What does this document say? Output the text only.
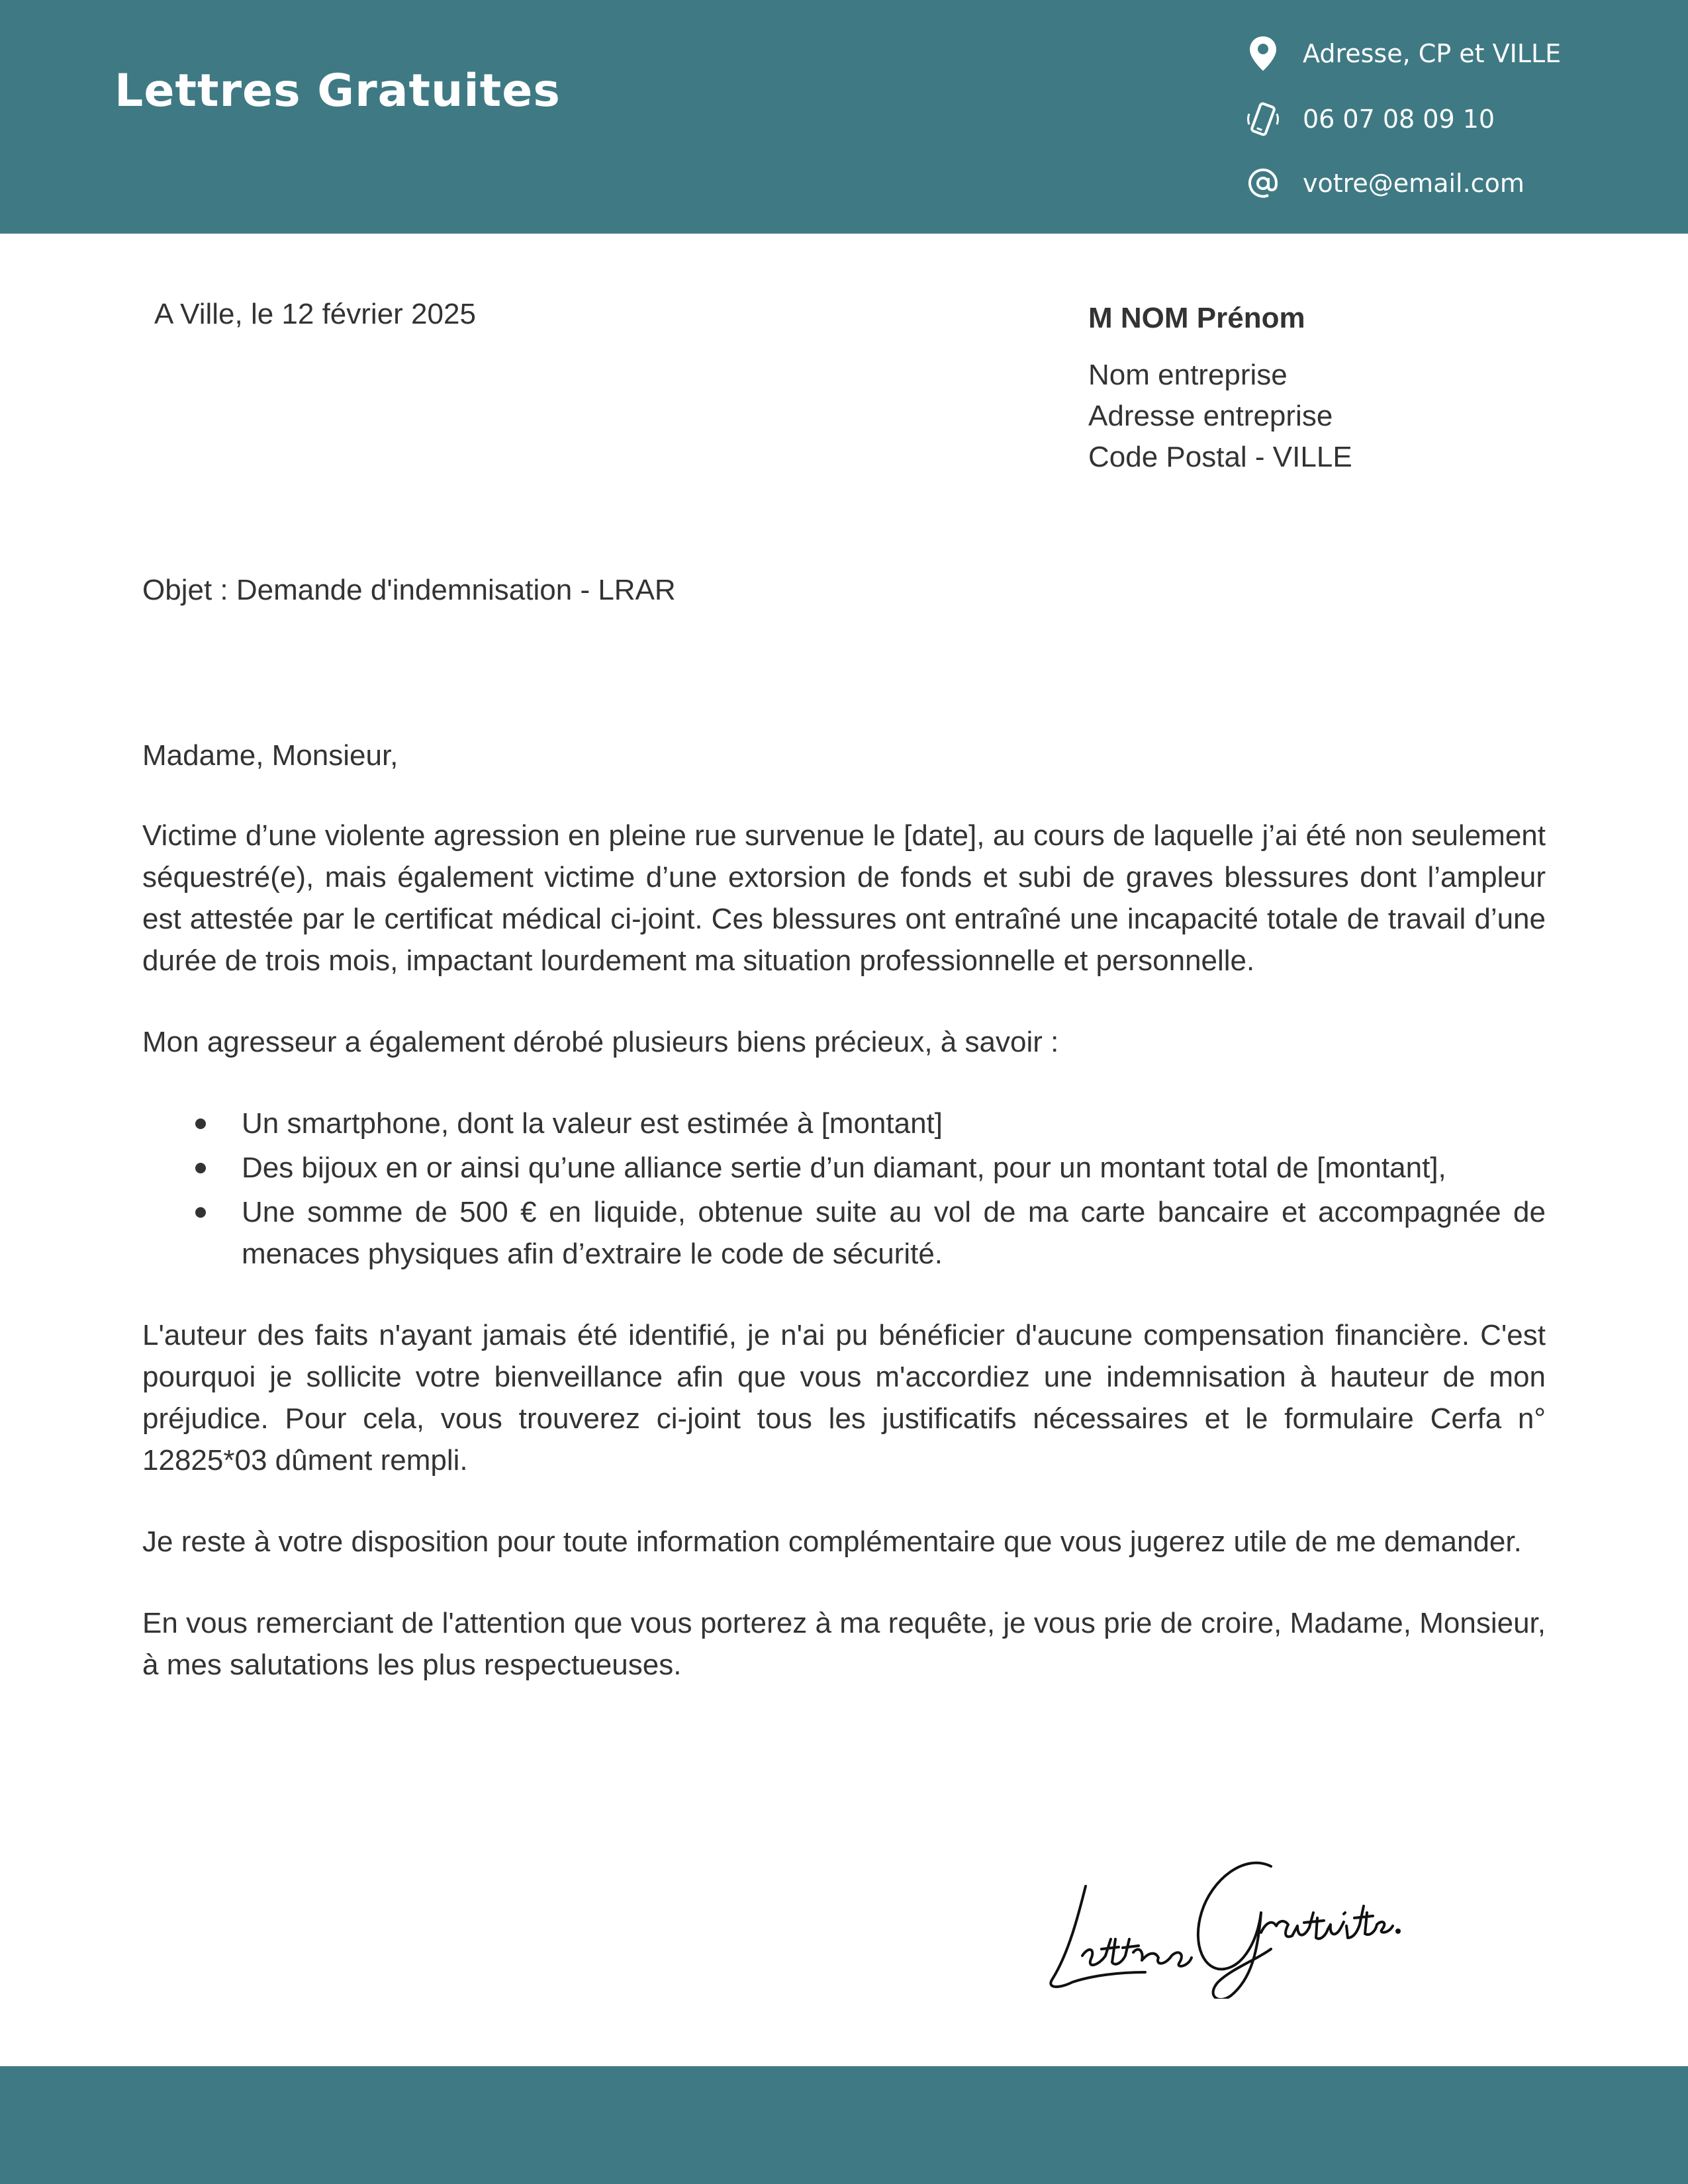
Lettres Gratuites
Adresse, CP et VILLE
06 07 08 09 10
votre@email.com
A Ville, le 12 février 2025	M NOM Prénom
Nom entreprise
Adresse entreprise
Code Postal - VILLE
Objet : Demande d'indemnisation - LRAR

Madame, Monsieur,

Victime d’une violente agression en pleine rue survenue le [date], au cours de laquelle j’ai été non seulement séquestré(e), mais également victime d’une extorsion de fonds et subi de graves blessures dont l’ampleur est attestée par le certificat médical ci-joint. Ces blessures ont entraîné une incapacité totale de travail d’une durée de trois mois, impactant lourdement ma situation professionnelle et personnelle.

Mon agresseur a également dérobé plusieurs biens précieux, à savoir :

Un smartphone, dont la valeur est estimée à [montant]
Des bijoux en or ainsi qu’une alliance sertie d’un diamant, pour un montant total de [montant],
Une somme de 500 € en liquide, obtenue suite au vol de ma carte bancaire et accompagnée de menaces physiques afin d’extraire le code de sécurité.

L'auteur des faits n'ayant jamais été identifié, je n'ai pu bénéficier d'aucune compensation financière. C'est pourquoi je sollicite votre bienveillance afin que vous m'accordiez une indemnisation à hauteur de mon préjudice. Pour cela, vous trouverez ci-joint tous les justificatifs nécessaires et le formulaire Cerfa n° 12825*03 dûment rempli.

Je reste à votre disposition pour toute information complémentaire que vous jugerez utile de me demander.

En vous remerciant de l'attention que vous porterez à ma requête, je vous prie de croire, Madame, Monsieur, à mes salutations les plus respectueuses.
